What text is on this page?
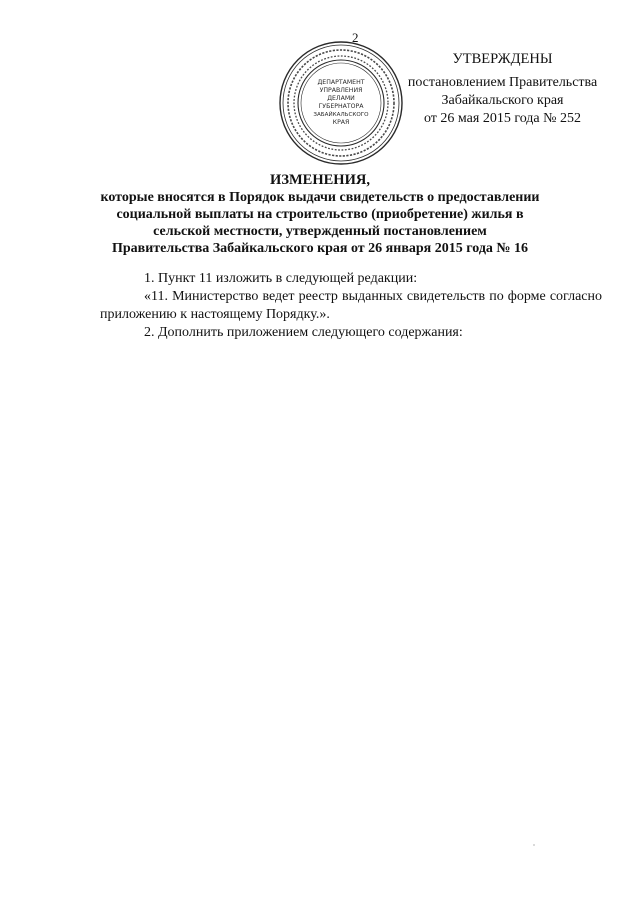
2
ДЕПАРТАМЕНТ
УПРАВЛЕНИЯ
ДЕЛАМИ
ГУБЕРНАТОРА
ЗАБАЙКАЛЬСКОГО
КРАЯ
УТВЕРЖДЕНЫ
постановлением Правительства
Забайкальского края
от 26 мая 2015 года № 252
ИЗМЕНЕНИЯ,
которые вносятся в Порядок выдачи свидетельств о предоставлении
социальной выплаты на строительство (приобретение) жилья в
сельской местности, утвержденный постановлением
Правительства Забайкальского края от 26 января 2015 года № 16

1. Пункт 11 изложить в следующей редакции:

«11. Министерство ведет реестр выданных свидетельств по форме согласно приложению к настоящему Порядку.».

2. Дополнить приложением следующего содержания:
